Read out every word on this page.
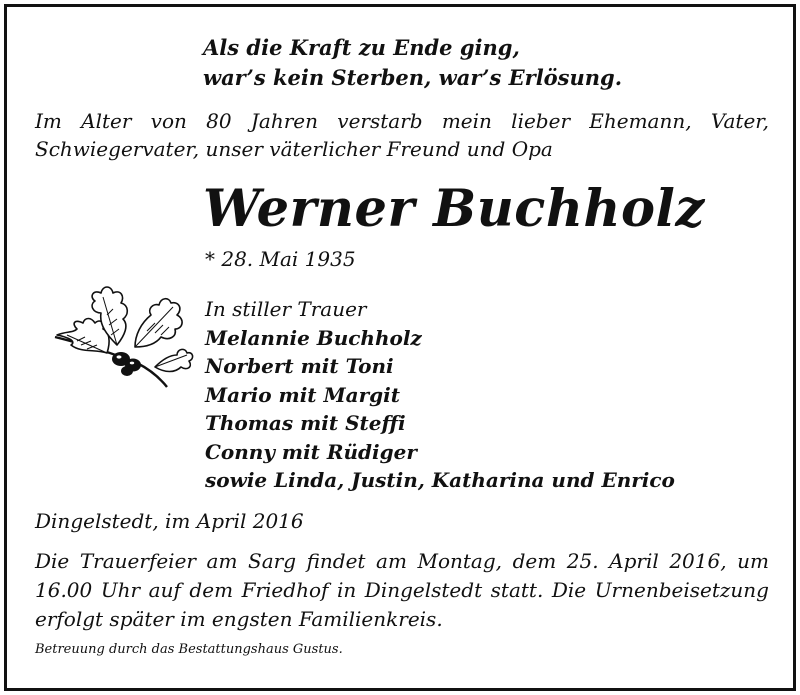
Als die Kraft zu Ende ging,
war’s kein Sterben, war’s Erlösung.
Im Alter von 80 Jahren verstarb mein lieber Ehemann, Vater,
Schwiegervater, unser väterlicher Freund und Opa
Werner Buchholz
* 28. Mai 1935
In stiller Trauer
Melannie Buchholz
Norbert mit Toni
Mario mit Margit
Thomas mit Steffi
Conny mit Rüdiger
sowie Linda, Justin, Katharina und Enrico
Dingelstedt, im April 2016
Die Trauerfeier am Sarg findet am Montag, dem 25. April 2016, um
16.00 Uhr auf dem Friedhof in Dingelstedt statt. Die Urnenbeisetzung
erfolgt später im engsten Familienkreis.
Betreuung durch das Bestattungshaus Gustus.
